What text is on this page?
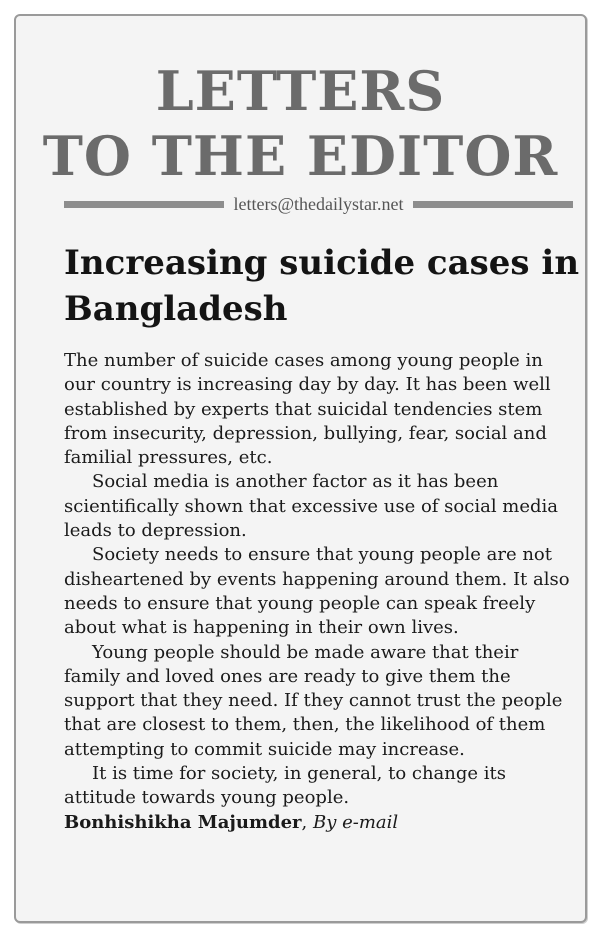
LETTERS
TO THE EDITOR
letters@thedailystar.net
Increasing suicide cases in
Bangladesh

The number of suicide cases among young people in our country is increasing day by day. It has been well established by experts that suicidal tendencies stem from insecurity, depression, bullying, fear, social and familial pressures, etc.

Social media is another factor as it has been scientifically shown that excessive use of social media leads to depression.

Society needs to ensure that young people are not disheartened by events happening around them. It also needs to ensure that young people can speak freely about what is happening in their own lives.

Young people should be made aware that their family and loved ones are ready to give them the support that they need. If they cannot trust the people that are closest to them, then, the likelihood of them attempting to commit suicide may increase.

It is time for society, in general, to change its attitude towards young people.

Bonhishikha Majumder, By e-mail
